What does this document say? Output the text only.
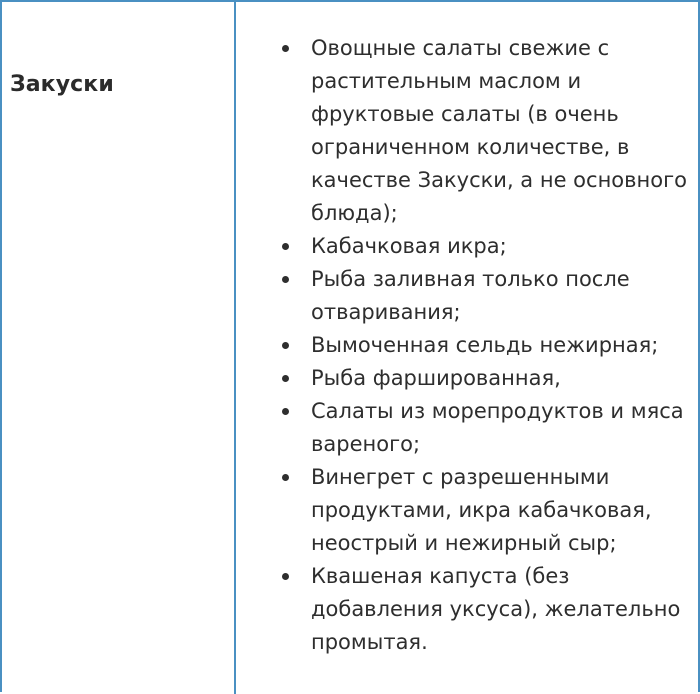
Закуски
Овощные салаты свежие с растительным маслом и фруктовые салаты (в очень ограниченном количестве, в качестве Закуски, а не основного блюда);
Кабачковая икра;
Рыба заливная только после отваривания;
Вымоченная сельдь нежирная;
Рыба фаршированная,
Салаты из морепродуктов и мяса вареного;
Винегрет с разрешенными продуктами, икра кабачковая, неострый и нежирный сыр;
Квашеная капуста (без добавления уксуса), желательно промытая.
